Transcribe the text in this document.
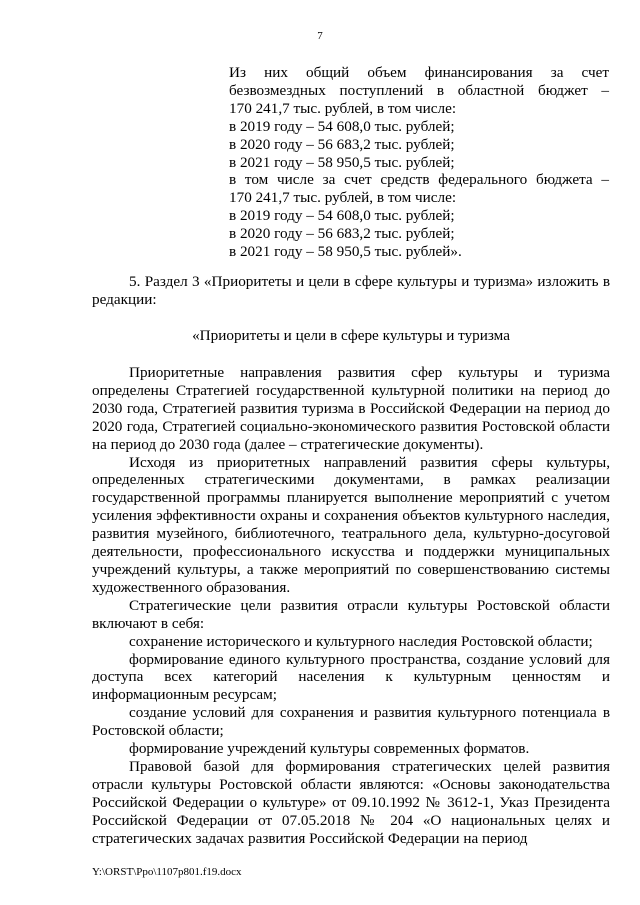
7
Из них общий объем финансирования за счет
безвозмездных поступлений в областной бюджет –
170 241,7 тыс. рублей, в том числе:
в 2019 году – 54 608,0 тыс. рублей;
в 2020 году – 56 683,2 тыс. рублей;
в 2021 году – 58 950,5 тыс. рублей;
в том числе за счет средств федерального бюджета –
170 241,7 тыс. рублей, в том числе:
в 2019 году – 54 608,0 тыс. рублей;
в 2020 году – 56 683,2 тыс. рублей;
в 2021 году – 58 950,5 тыс. рублей».

5. Раздел 3 «Приоритеты и цели в сфере культуры и туризма» изложить в редакции:

«Приоритеты и цели в сфере культуры и туризма

Приоритетные направления развития сфер культуры и туризма определены Стратегией государственной культурной политики на период до 2030 года, Стратегией развития туризма в Российской Федерации на период до 2020 года, Стратегией социально-экономического развития Ростовской области на период до 2030 года (далее – стратегические документы).

Исходя из приоритетных направлений развития сферы культуры, определенных стратегическими документами, в рамках реализации государственной программы планируется выполнение мероприятий с учетом усиления эффективности охраны и сохранения объектов культурного наследия, развития музейного, библиотечного, театрального дела, культурно-досуговой деятельности, профессионального искусства и поддержки муниципальных учреждений культуры, а также мероприятий по совершенствованию системы художественного образования.

Стратегические цели развития отрасли культуры Ростовской области включают в себя:

сохранение исторического и культурного наследия Ростовской области;

формирование единого культурного пространства, создание условий для доступа всех категорий населения к культурным ценностям и информационным ресурсам;

создание условий для сохранения и развития культурного потенциала в Ростовской области;

формирование учреждений культуры современных форматов.

Правовой базой для формирования стратегических целей развития отрасли культуры Ростовской области являются: «Основы законодательства Российской Федерации о культуре» от 09.10.1992 № 3612-1, Указ Президента Российской Федерации от 07.05.2018 № 204 «О национальных целях и стратегических задачах развития Российской Федерации на период

Y:\ORST\Ppo\1107p801.f19.docx
